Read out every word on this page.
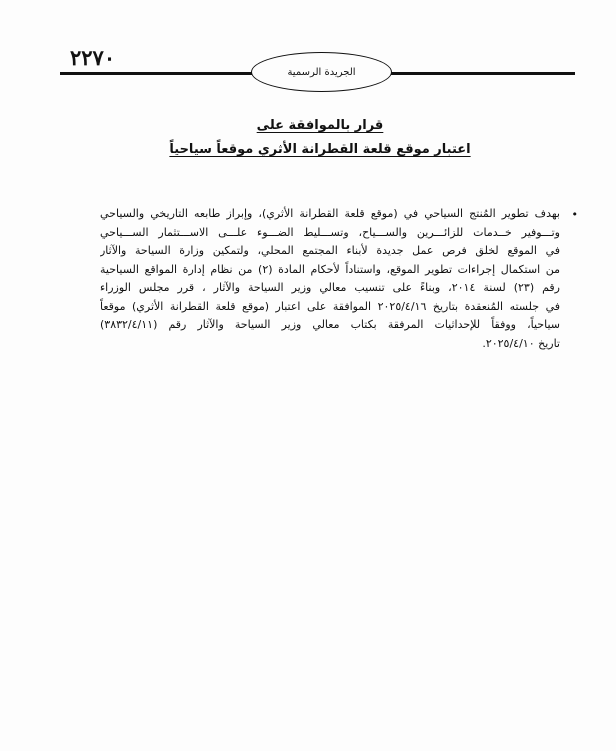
٢٢٧٠

الجريدة الرسمية
قرار بالموافقة على
اعتبار موقع قلعة القطرانة الأثري موقعاً سياحياً
•
بهدف تطوير المُنتج السياحي في (موقع قلعة القطرانة الأثري)، وإبراز طابعه التاريخي والسياحي
وتـــوفير خــدمات للزائـــرين والســـياح، وتســـليط الضـــوء علـــى الاســـتثمار الســـياحي
في الموقع لخلق فرص عمل جديدة لأبناء المجتمع المحلي، ولتمكين وزارة السياحة والآثار
من استكمال إجراءات تطوير الموقع، واستناداً لأحكام المادة (٢) من نظام إدارة المواقع السياحية
رقم (٢٣) لسنة ٢٠١٤، وبناءً على تنسيب معالي وزير السياحة والآثار ، قرر مجلس الوزراء
في جلسته المُنعقدة بتاريخ ٢٠٢٥/٤/١٦ الموافقة على اعتبار (موقع قلعة القطرانة الأثري) موقعاً
سياحياً، ووفقاً للإحداثيات المرفقة بكتاب معالي وزير السياحة والآثار رقم (٣٨٣٢/٤/١١)
تاريخ ٢٠٢٥/٤/١٠.
